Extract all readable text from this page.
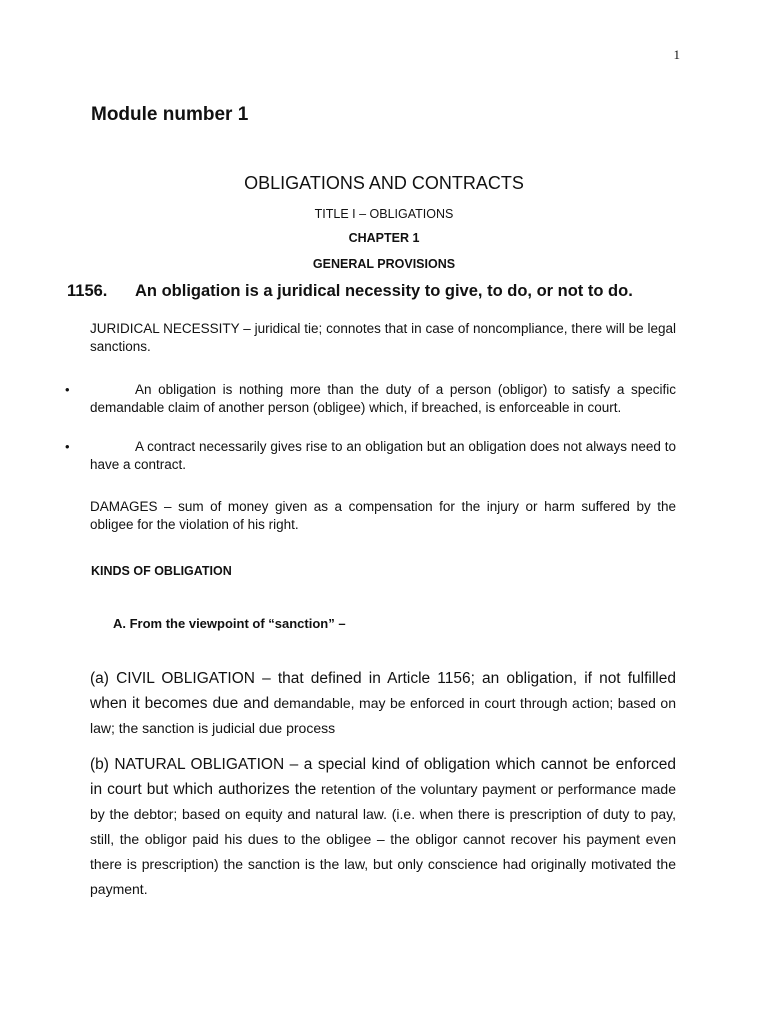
1
Module number 1
OBLIGATIONS AND CONTRACTS
TITLE I – OBLIGATIONS
CHAPTER 1
GENERAL PROVISIONS
1156. An obligation is a juridical necessity to give, to do, or not to do.
JURIDICAL NECESSITY – juridical tie; connotes that in case of noncompliance, there will be legal sanctions.
•	An obligation is nothing more than the duty of a person (obligor) to satisfy a specific demandable claim of another person (obligee) which, if breached, is enforceable in court.
•	A contract necessarily gives rise to an obligation but an obligation does not always need to have a contract.
DAMAGES – sum of money given as a compensation for the injury or harm suffered by the obligee for the violation of his right.
KINDS OF OBLIGATION
A. From the viewpoint of “sanction” –
(a) CIVIL OBLIGATION – that defined in Article 1156; an obligation, if not fulfilled when it becomes due and demandable, may be enforced in court through action; based on law; the sanction is judicial due process
(b) NATURAL OBLIGATION – a special kind of obligation which cannot be enforced in court but which authorizes the retention of the voluntary payment or performance made by the debtor; based on equity and natural law. (i.e. when there is prescription of duty to pay, still, the obligor paid his dues to the obligee – the obligor cannot recover his payment even there is prescription) the sanction is the law, but only conscience had originally motivated the payment.
